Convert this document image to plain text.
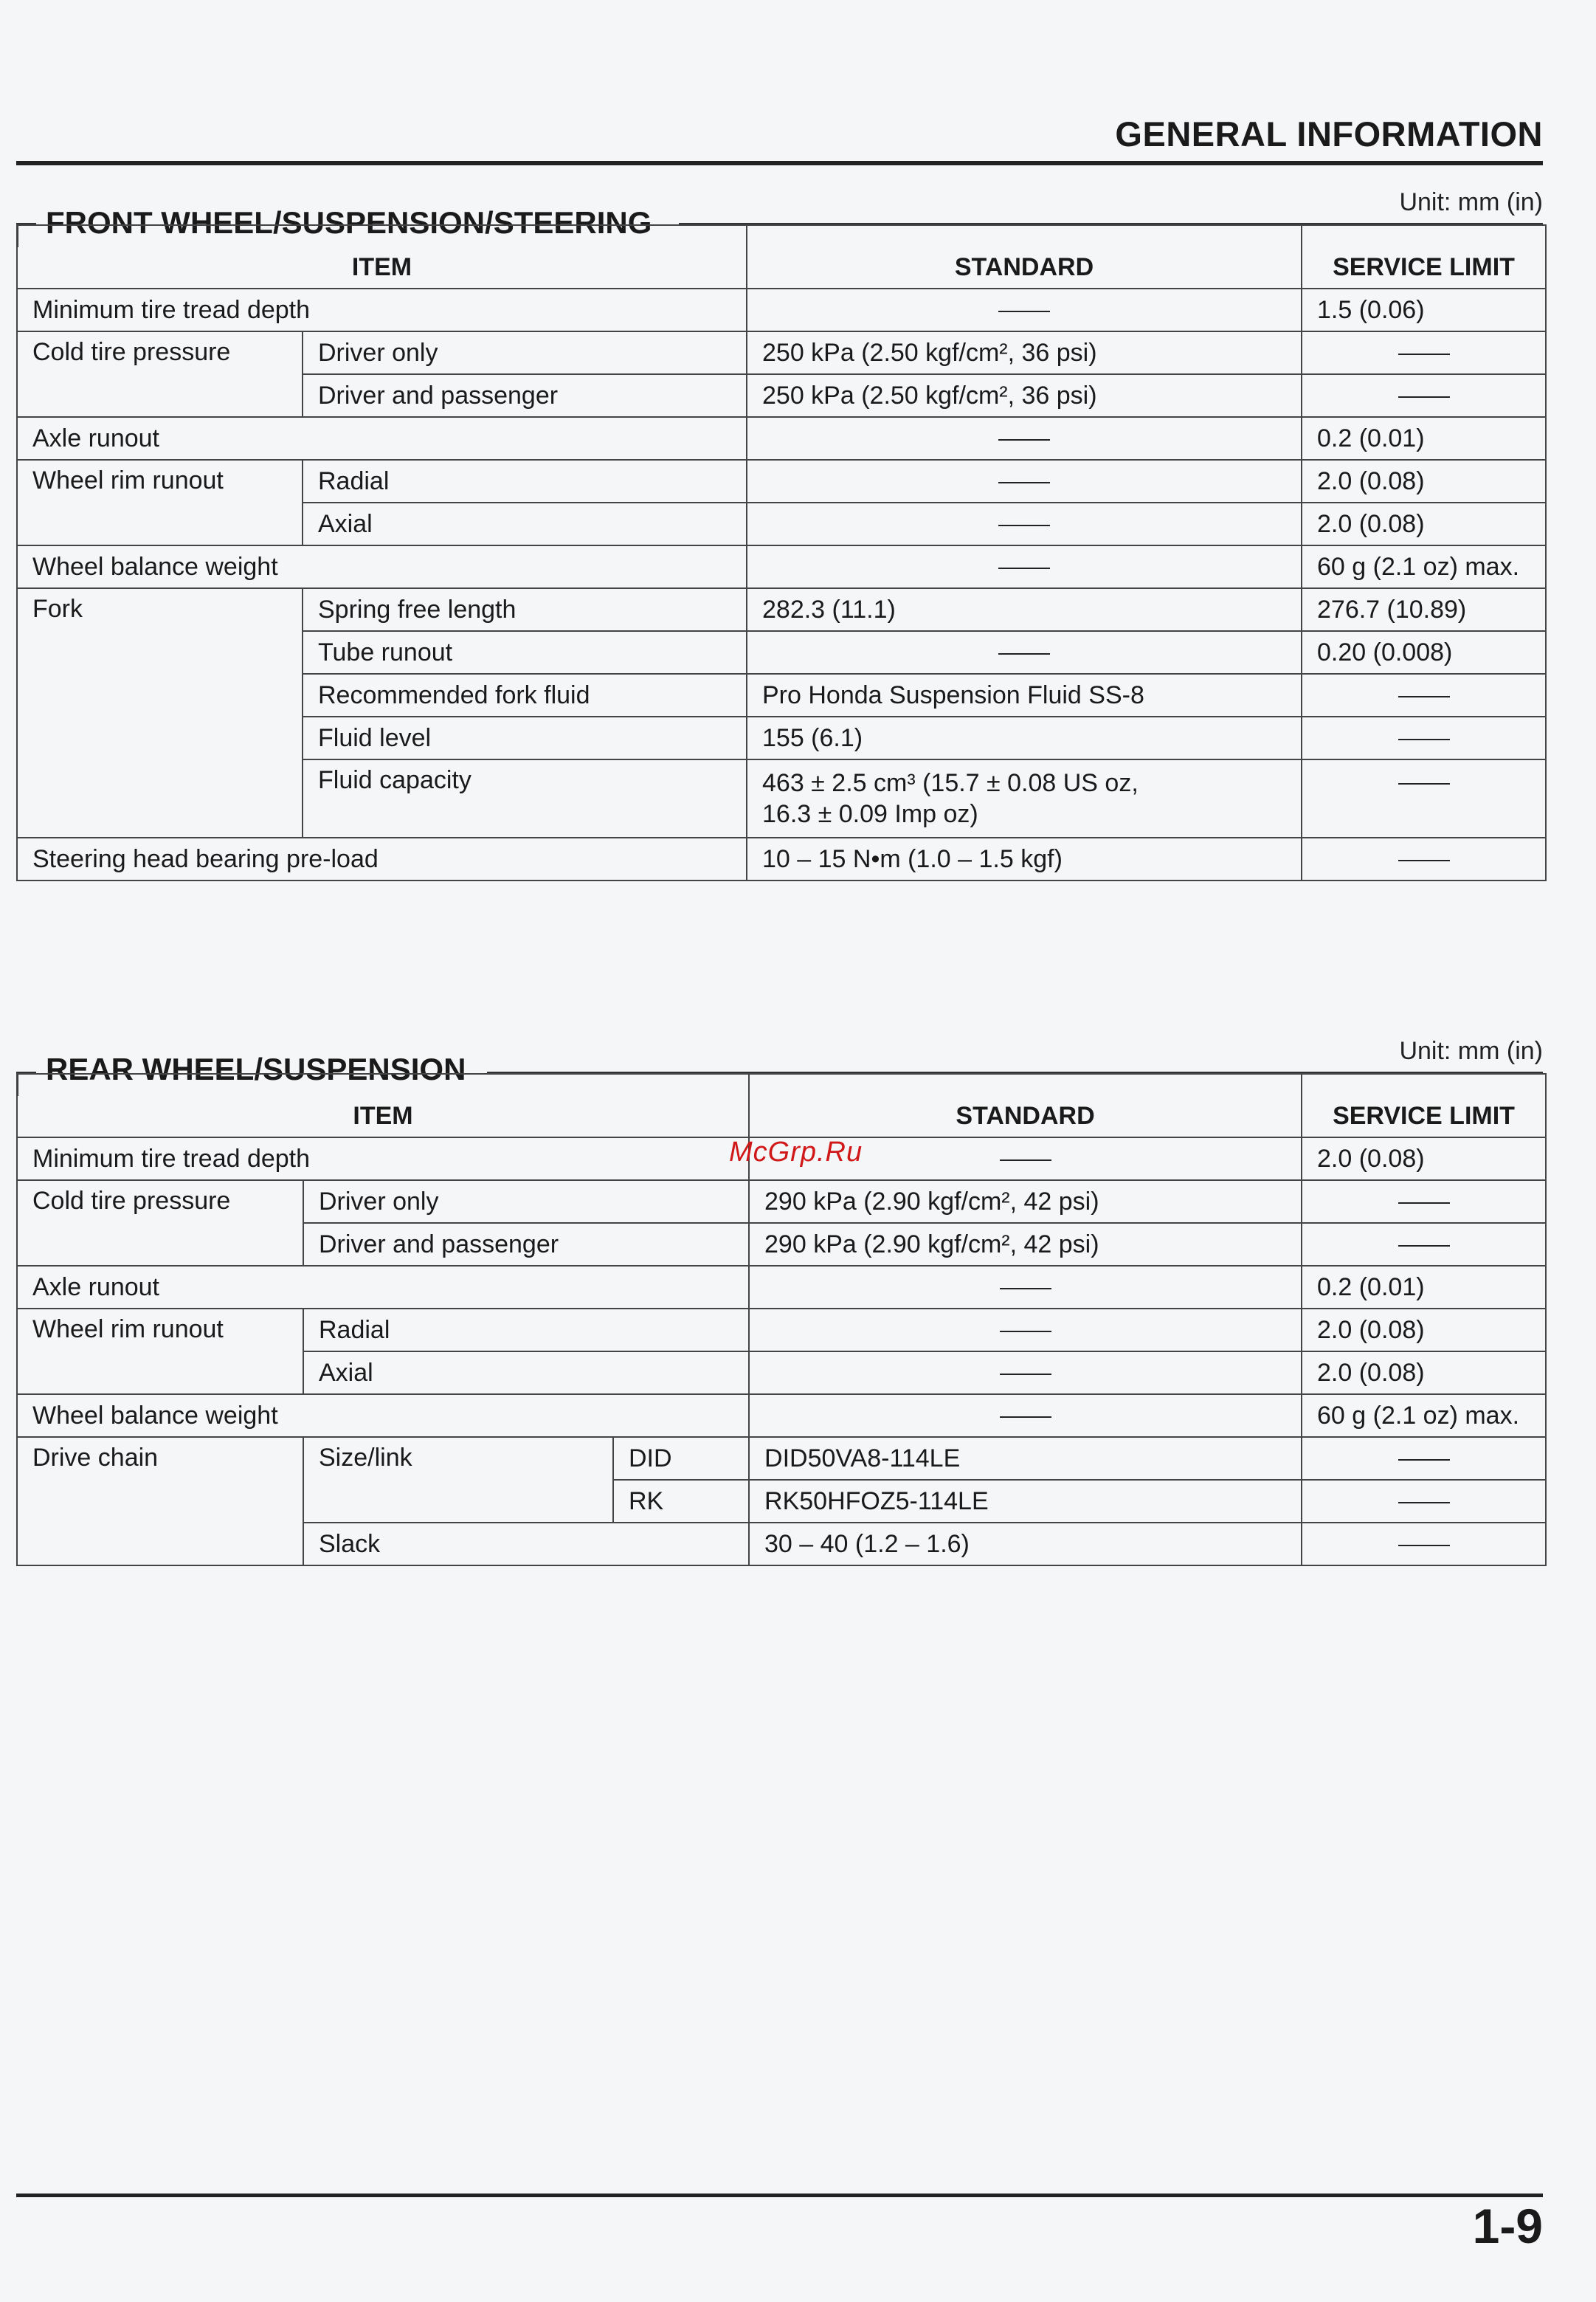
GENERAL INFORMATION
FRONT WHEEL/SUSPENSION/STEERING
Unit: mm (in)
ITEM		STANDARD	SERVICE LIMIT
Minimum tire tread depth			1.5 (0.06)
Cold tire pressure	Driver only	250 kPa (2.50 kgf/cm², 36 psi)	
	Driver and passenger	250 kPa (2.50 kgf/cm², 36 psi)	
Axle runout			0.2 (0.01)
Wheel rim runout	Radial		2.0 (0.08)
	Axial		2.0 (0.08)
Wheel balance weight			60 g (2.1 oz) max.
Fork	Spring free length	282.3 (11.1)	276.7 (10.89)
	Tube runout		0.20 (0.008)
	Recommended fork fluid	Pro Honda Suspension Fluid SS-8	
	Fluid level	155 (6.1)	
	Fluid capacity	463 ± 2.5 cm³ (15.7 ± 0.08 US oz,
16.3 ± 0.09 Imp oz)	

Steering head bearing pre-load		10 – 15 N•m (1.0 – 1.5 kgf)	
REAR WHEEL/SUSPENSION
Unit: mm (in)
ITEM			STANDARD	SERVICE LIMIT
Minimum tire tread depth				2.0 (0.08)
Cold tire pressure	Driver only		290 kPa (2.90 kgf/cm², 42 psi)	
	Driver and passenger		290 kPa (2.90 kgf/cm², 42 psi)	
Axle runout				0.2 (0.01)
Wheel rim runout	Radial			2.0 (0.08)
	Axial			2.0 (0.08)
Wheel balance weight				60 g (2.1 oz) max.
Drive chain	Size/link	DID	DID50VA8-114LE	
		RK	RK50HFOZ5-114LE	
	Slack		30 – 40 (1.2 – 1.6)	
McGrp.Ru
1-9
